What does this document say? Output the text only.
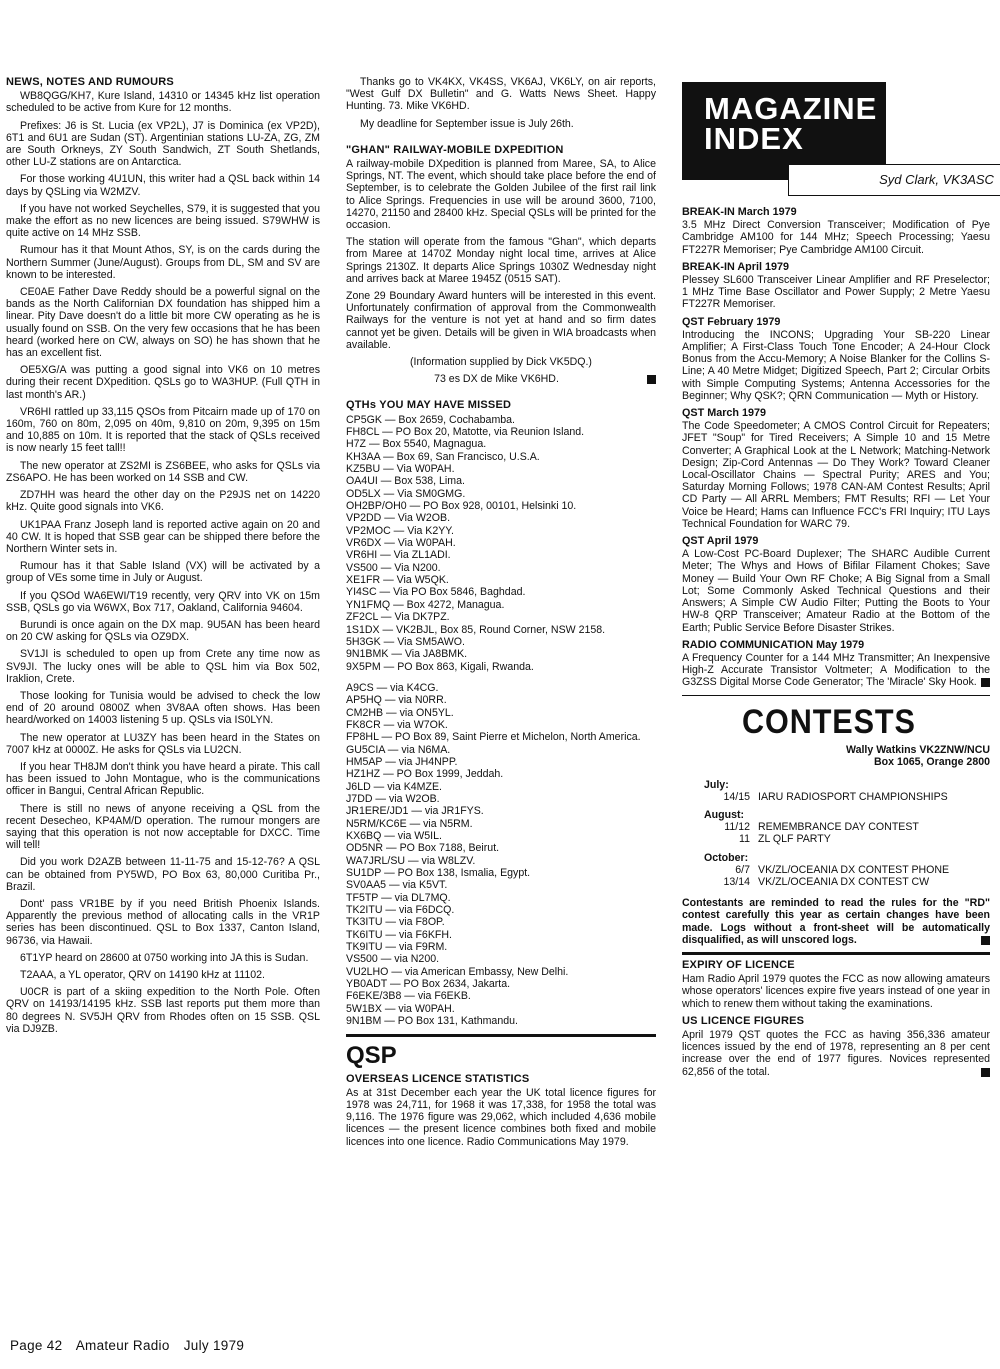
NEWS, NOTES AND RUMOURS

WB8QGG/KH7, Kure Island, 14310 or 14345 kHz list operation scheduled to be active from Kure for 12 months.

Prefixes: J6 is St. Lucia (ex VP2L), J7 is Dominica (ex VP2D), 6T1 and 6U1 are Sudan (ST). Argentinian stations LU-ZA, ZG, ZM are South Orkneys, ZY South Sandwich, ZT South Shetlands, other LU-Z stations are on Antarctica.

For those working 4U1UN, this writer had a QSL back within 14 days by QSLing via W2MZV.

If you have not worked Seychelles, S79, it is suggested that you make the effort as no new licences are being issued. S79WHW is quite active on 14 MHz SSB.

Rumour has it that Mount Athos, SY, is on the cards during the Northern Summer (June/August). Groups from DL, SM and SV are known to be interested.

CE0AE Father Dave Reddy should be a powerful signal on the bands as the North Californian DX foundation has shipped him a linear. Pity Dave doesn't do a little bit more CW operating as he is usually found on SSB. On the very few occasions that he has been heard (worked here on CW, always on SO) he has shown that he has an excellent fist.

OE5XG/A was putting a good signal into VK6 on 10 metres during their recent DXpedition. QSLs go to WA3HUP. (Full QTH in last month's AR.)

VR6HI rattled up 33,115 QSOs from Pitcairn made up of 170 on 160m, 760 on 80m, 2,095 on 40m, 9,810 on 20m, 9,395 on 15m and 10,885 on 10m. It is reported that the stack of QSLs received is now nearly 15 feet tall!!

The new operator at ZS2MI is ZS6BEE, who asks for QSLs via ZS6APO. He has been worked on 14 SSB and CW.

ZD7HH was heard the other day on the P29JS net on 14220 kHz. Quite good signals into VK6.

UK1PAA Franz Joseph land is reported active again on 20 and 40 CW. It is hoped that SSB gear can be shipped there before the Northern Winter sets in.

Rumour has it that Sable Island (VX) will be activated by a group of VEs some time in July or August.

If you QSOd WA6EWI/T19 recently, very QRV into VK on 15m SSB, QSLs go via W6WX, Box 717, Oakland, California 94604.

Burundi is once again on the DX map. 9U5AN has been heard on 20 CW asking for QSLs via OZ9DX.

SV1JI is scheduled to open up from Crete any time now as SV9JI. The lucky ones will be able to QSL him via Box 502, Iraklion, Crete.

Those looking for Tunisia would be advised to check the low end of 20 around 0800Z when 3V8AA often shows. Has been heard/worked on 14003 listening 5 up. QSLs via IS0LYN.

The new operator at LU3ZY has been heard in the States on 7007 kHz at 0000Z. He asks for QSLs via LU2CN.

If you hear TH8JM don't think you have heard a pirate. This call has been issued to John Montague, who is the communications officer in Bangui, Central African Republic.

There is still no news of anyone receiving a QSL from the recent Desecheo, KP4AM/D operation. The rumour mongers are saying that this operation is not now acceptable for DXCC. Time will tell!

Did you work D2AZB between 11-11-75 and 15-12-76? A QSL can be obtained from PY5WD, PO Box 63, 80,000 Curitiba Pr., Brazil.

Dont' pass VR1BE by if you need British Phoenix Islands. Apparently the previous method of allocating calls in the VR1P series has been discontinued. QSL to Box 1337, Canton Island, 96736, via Hawaii.

6T1YP heard on 28600 at 0750 working into JA this is Sudan.

T2AAA, a YL operator, QRV on 14190 kHz at 11102.

U0CR is part of a skiing expedition to the North Pole. Often QRV on 14193/14195 kHz. SSB last reports put them more than 80 degrees N. SV5JH QRV from Rhodes often on 15 SSB. QSL via DJ9ZB.

Thanks go to VK4KX, VK4SS, VK6AJ, VK6LY, on air reports, "West Gulf DX Bulletin" and G. Watts News Sheet. Happy Hunting. 73. Mike VK6HD.

My deadline for September issue is July 26th.

"GHAN" RAILWAY-MOBILE DXPEDITION

A railway-mobile DXpedition is planned from Maree, SA, to Alice Springs, NT. The event, which should take place before the end of September, is to celebrate the Golden Jubilee of the first rail link to Alice Springs. Frequencies in use will be around 3600, 7100, 14270, 21150 and 28400 kHz. Special QSLs will be printed for the occasion.

The station will operate from the famous "Ghan", which departs from Maree at 1470Z Monday night local time, arrives at Alice Springs 2130Z. It departs Alice Springs 1030Z Wednesday night and arrives back at Maree 1945Z (0515 SAT).

Zone 29 Boundary Award hunters will be interested in this event. Unfortunately confirmation of approval from the Commonwealth Railways for the venture is not yet at hand and so firm dates cannot yet be given. Details will be given in WIA broadcasts when available.

(Information supplied by Dick VK5DQ.)

73 es DX de Mike VK6HD.

QTHs YOU MAY HAVE MISSED
CP5GK — Box 2659, Cochabamba.
FH8CL — PO Box 20, Matotte, via Reunion Island.
H7Z — Box 5540, Magnagua.
KH3AA — Box 69, San Francisco, U.S.A.
KZ5BU — Via W0PAH.
OA4UI — Box 538, Lima.
OD5LX — Via SM0GMG.
OH2BP/OH0 — PO Box 928, 00101, Helsinki 10.
VP2DD — Via W2OB.
VP2MOC — Via K2YY.
VR6DX — Via W0PAH.
VR6HI — Via ZL1ADI.
VS500 — Via N200.
XE1FR — Via W5QK.
YI4SC — Via PO Box 5846, Baghdad.
YN1FMQ — Box 4272, Managua.
ZF2CL — Via DK7PZ.
1S1DX — VK2BJL, Box 85, Round Corner, NSW 2158.
5H3GK — Via SM5AWO.
9N1BMK — Via JA8BMK.
9X5PM — PO Box 863, Kigali, Rwanda.
A9CS — via K4CG.
AP5HQ — via N0RR.
CM2HB — via ON5YL.
FK8CR — via W7OK.
FP8HL — PO Box 89, Saint Pierre et Michelon, North America.
GU5CIA — via N6MA.
HM5AP — via JH4NPP.
HZ1HZ — PO Box 1999, Jeddah.
J6LD — via K4MZE.
J7DD — via W2OB.
JR1ERE/JD1 — via JR1FYS.
N5RM/KC6E — via N5RM.
KX6BQ — via W5IL.
OD5NR — PO Box 7188, Beirut.
WA7JRL/SU — via W8LZV.
SU1DP — PO Box 138, Ismalia, Egypt.
SV0AA5 — via K5VT.
TF5TP — via DL7MQ.
TK2ITU — via F6DCQ.
TK3ITU — via F8OP.
TK6ITU — via F6KFH.
TK9ITU — via F9RM.
VS500 — via N200.
VU2LHO — via American Embassy, New Delhi.
YB0ADT — PO Box 2634, Jakarta.
F6EKE/3B8 — via F6EKB.
5W1BX — via W0PAH.
9N1BM — PO Box 131, Kathmandu.
QSP
OVERSEAS LICENCE STATISTICS

As at 31st December each year the UK total licence figures for 1978 was 24,711, for 1968 it was 17,338, for 1958 the total was 9,116. The 1976 figure was 29,062, which included 4,636 mobile licences — the present licence combines both fixed and mobile licences into one licence. Radio Communications May 1979.

MAGAZINE
INDEX
Syd Clark, VK3ASC
BREAK-IN March 1979

3.5 MHz Direct Conversion Transceiver; Modification of Pye Cambridge AM100 for 144 MHz; Speech Processing; Yaesu FT227R Memoriser; Pye Cambridge AM100 Circuit.

BREAK-IN April 1979

Plessey SL600 Transceiver Linear Amplifier and RF Preselector; 1 MHz Time Base Oscillator and Power Supply; 2 Metre Yaesu FT227R Memoriser.

QST February 1979

Introducing the INCONS; Upgrading Your SB-220 Linear Amplifier; A First-Class Touch Tone Encoder; A 24-Hour Clock Bonus from the Accu-Memory; A Noise Blanker for the Collins S-Line; A 40 Metre Midget; Digitized Speech, Part 2; Circular Orbits with Simple Computing Systems; Antenna Accessories for the Beginner; Why QSK?; QRN Communication — Myth or History.

QST March 1979

The Code Speedometer; A CMOS Control Circuit for Repeaters; JFET "Soup" for Tired Receivers; A Simple 10 and 15 Metre Converter; A Graphical Look at the L Network; Matching-Network Design; Zip-Cord Antennas — Do They Work? Toward Cleaner Local-Oscillator Chains — Spectral Purity; ARES and You; Saturday Morning Follows; 1978 CAN-AM Contest Results; April CD Party — All ARRL Members; FMT Results; RFI — Let Your Voice be Heard; Hams can Influence FCC's FRI Inquiry; ITU Lays Technical Foundation for WARC 79.

QST April 1979

A Low-Cost PC-Board Duplexer; The SHARC Audible Current Meter; The Whys and Hows of Bifilar Filament Chokes; Save Money — Build Your Own RF Choke; A Big Signal from a Small Lot; Some Commonly Asked Technical Questions and their Answers; A Simple CW Audio Filter; Putting the Boots to Your HW-8 QRP Transceiver; Amateur Radio at the Bottom of the Earth; Public Service Before Disaster Strikes.

RADIO COMMUNICATION May 1979

A Frequency Counter for a 144 MHz Transmitter; An Inexpensive High-Z Accurate Transistor Voltmeter; A Modification to the G3ZSS Digital Morse Code Generator; The 'Miracle' Sky Hook.

CONTESTS
Wally Watkins VK2ZNW/NCU
Box 1065, Orange 2800
July:
14/15 IARU RADIOSPORT CHAMPIONSHIPS
August:
11/12 REMEMBRANCE DAY CONTEST
11 ZL QLF PARTY
October:
6/7 VK/ZL/OCEANIA DX CONTEST PHONE
13/14 VK/ZL/OCEANIA DX CONTEST CW

Contestants are reminded to read the rules for the "RD" contest carefully this year as certain changes have been made. Logs without a front-sheet will be automatically disqualified, as will unscored logs.

EXPIRY OF LICENCE

Ham Radio April 1979 quotes the FCC as now allowing amateurs whose operators' licences expire five years instead of one year in which to renew them without taking the examinations.

US LICENCE FIGURES

April 1979 QST quotes the FCC as having 356,336 amateur licences issued by the end of 1978, representing an 8 per cent increase over the end of 1977 figures. Novices represented 62,856 of the total.

Page 42 Amateur Radio July 1979
